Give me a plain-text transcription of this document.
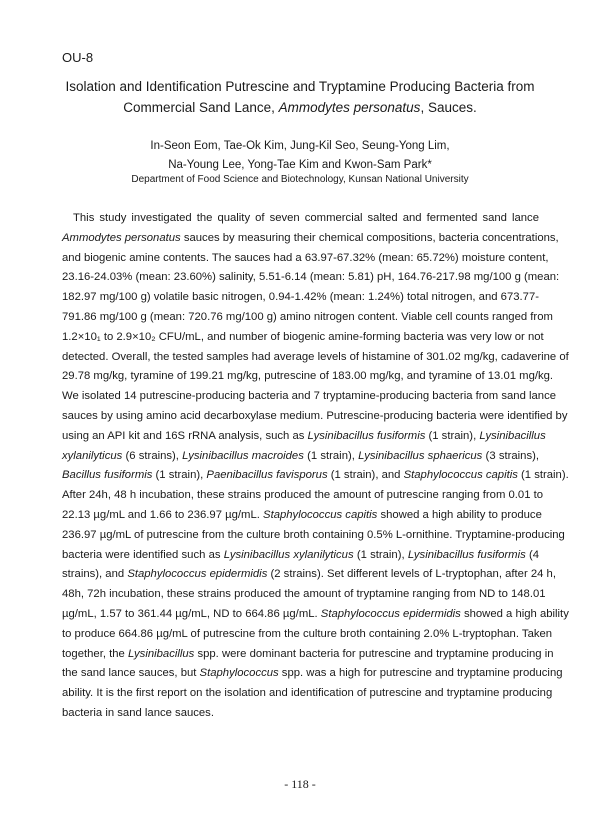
OU-8
Isolation and Identification Putrescine and Tryptamine Producing Bacteria from
Commercial Sand Lance, Ammodytes personatus, Sauces.
In-Seon Eom, Tae-Ok Kim, Jung-Kil Seo, Seung-Yong Lim,
Na-Young Lee, Yong-Tae Kim and Kwon-Sam Park*
Department of Food Science and Biotechnology, Kunsan National University
This study investigated the quality of seven commercial salted and fermented sand lance
Ammodytes personatus sauces by measuring their chemical compositions, bacteria concentrations,
and biogenic amine contents. The sauces had a 63.97-67.32% (mean: 65.72%) moisture content,
23.16-24.03% (mean: 23.60%) salinity, 5.51-6.14 (mean: 5.81) pH, 164.76-217.98 mg/100 g (mean:
182.97 mg/100 g) volatile basic nitrogen, 0.94-1.42% (mean: 1.24%) total nitrogen, and 673.77-
791.86 mg/100 g (mean: 720.76 mg/100 g) amino nitrogen content. Viable cell counts ranged from
1.2×10₁ to 2.9×10₂ CFU/mL, and number of biogenic amine-forming bacteria was very low or not
detected. Overall, the tested samples had average levels of histamine of 301.02 mg/kg, cadaverine of
29.78 mg/kg, tyramine of 199.21 mg/kg, putrescine of 183.00 mg/kg, and tyramine of 13.01 mg/kg.
We isolated 14 putrescine-producing bacteria and 7 tryptamine-producing bacteria from sand lance
sauces by using amino acid decarboxylase medium. Putrescine-producing bacteria were identified by
using an API kit and 16S rRNA analysis, such as Lysinibacillus fusiformis (1 strain), Lysinibacillus
xylanilyticus (6 strains), Lysinibacillus macroides (1 strain), Lysinibacillus sphaericus (3 strains),
Bacillus fusiformis (1 strain), Paenibacillus favisporus (1 strain), and Staphylococcus capitis (1 strain).
After 24h, 48 h incubation, these strains produced the amount of putrescine ranging from 0.01 to
22.13 µg/mL and 1.66 to 236.97 µg/mL. Staphylococcus capitis showed a high ability to produce
236.97 µg/mL of putrescine from the culture broth containing 0.5% L-ornithine. Tryptamine-producing
bacteria were identified such as Lysinibacillus xylanilyticus (1 strain), Lysinibacillus fusiformis (4
strains), and Staphylococcus epidermidis (2 strains). Set different levels of L-tryptophan, after 24 h,
48h, 72h incubation, these strains produced the amount of tryptamine ranging from ND to 148.01
µg/mL, 1.57 to 361.44 µg/mL, ND to 664.86 µg/mL. Staphylococcus epidermidis showed a high ability
to produce 664.86 µg/mL of putrescine from the culture broth containing 2.0% L-tryptophan. Taken
together, the Lysinibacillus spp. were dominant bacteria for putrescine and tryptamine producing in
the sand lance sauces, but Staphylococcus spp. was a high for putrescine and tryptamine producing
ability. It is the first report on the isolation and identification of putrescine and tryptamine producing
bacteria in sand lance sauces.
- 118 -
